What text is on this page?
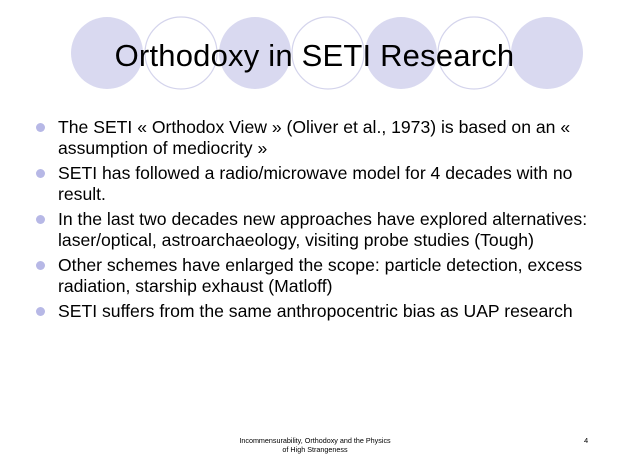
Orthodoxy in SETI Research
The SETI « Orthodox View » (Oliver et al., 1973) is based on an « assumption of mediocrity »
SETI has followed a radio/microwave model for 4 decades with no result.
In the last two decades new approaches have explored alternatives: laser/optical, astroarchaeology, visiting probe studies (Tough)
Other schemes have enlarged the scope: particle detection, excess radiation, starship exhaust (Matloff)
SETI suffers from the same anthropocentric bias as UAP research
Incommensurability, Orthodoxy and the Physics
of High Strangeness
4
